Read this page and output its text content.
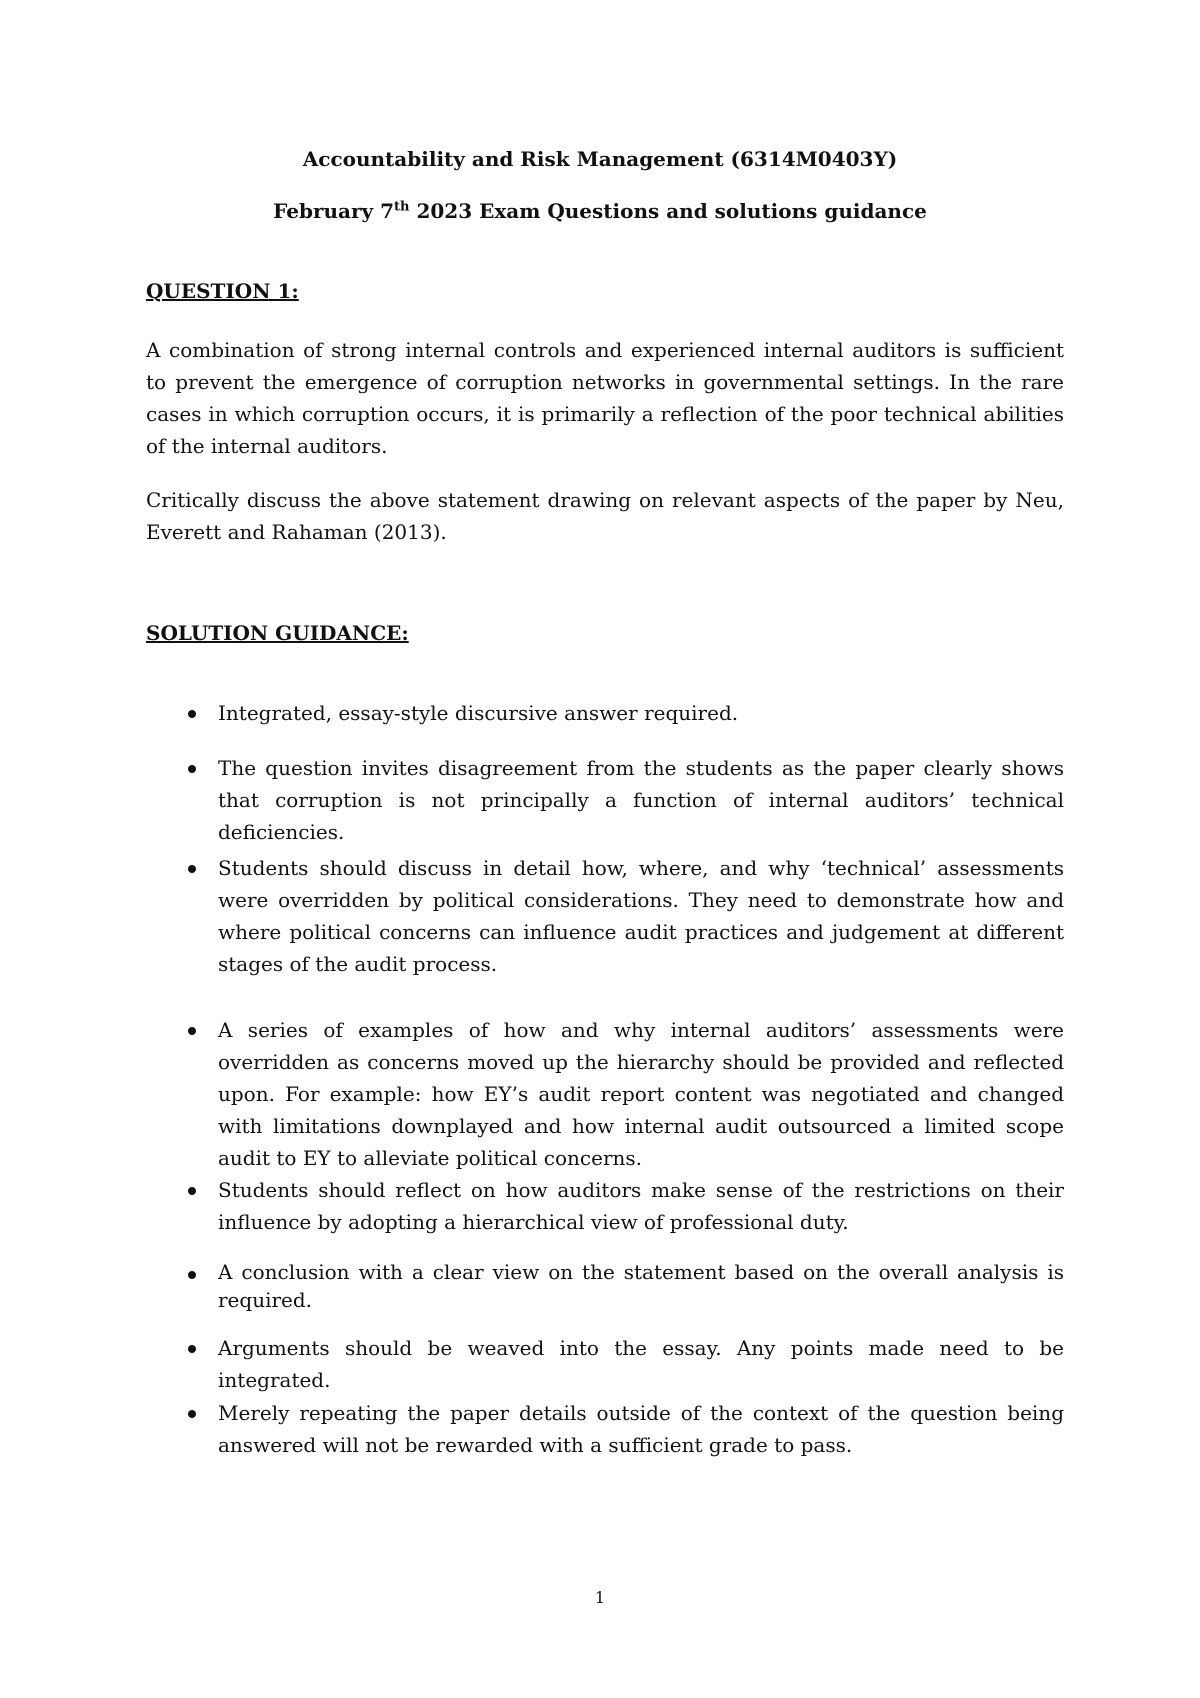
Accountability and Risk Management (6314M0403Y)
February 7th 2023 Exam Questions and solutions guidance
QUESTION 1:
A combination of strong internal controls and experienced internal auditors is sufficient to prevent the emergence of corruption networks in governmental settings. In the rare cases in which corruption occurs, it is primarily a reflection of the poor technical abilities of the internal auditors.
Critically discuss the above statement drawing on relevant aspects of the paper by Neu, Everett and Rahaman (2013).
SOLUTION GUIDANCE:
Integrated, essay-style discursive answer required.
The question invites disagreement from the students as the paper clearly shows that corruption is not principally a function of internal auditors’ technical deficiencies.
Students should discuss in detail how, where, and why ‘technical’ assessments were overridden by political considerations. They need to demonstrate how and where political concerns can influence audit practices and judgement at different stages of the audit process.
A series of examples of how and why internal auditors’ assessments were overridden as concerns moved up the hierarchy should be provided and reflected upon. For example: how EY’s audit report content was negotiated and changed with limitations downplayed and how internal audit outsourced a limited scope audit to EY to alleviate political concerns.
Students should reflect on how auditors make sense of the restrictions on their influence by adopting a hierarchical view of professional duty.
A conclusion with a clear view on the statement based on the overall analysis is required.
Arguments should be weaved into the essay. Any points made need to be integrated.
Merely repeating the paper details outside of the context of the question being answered will not be rewarded with a sufficient grade to pass.
1
